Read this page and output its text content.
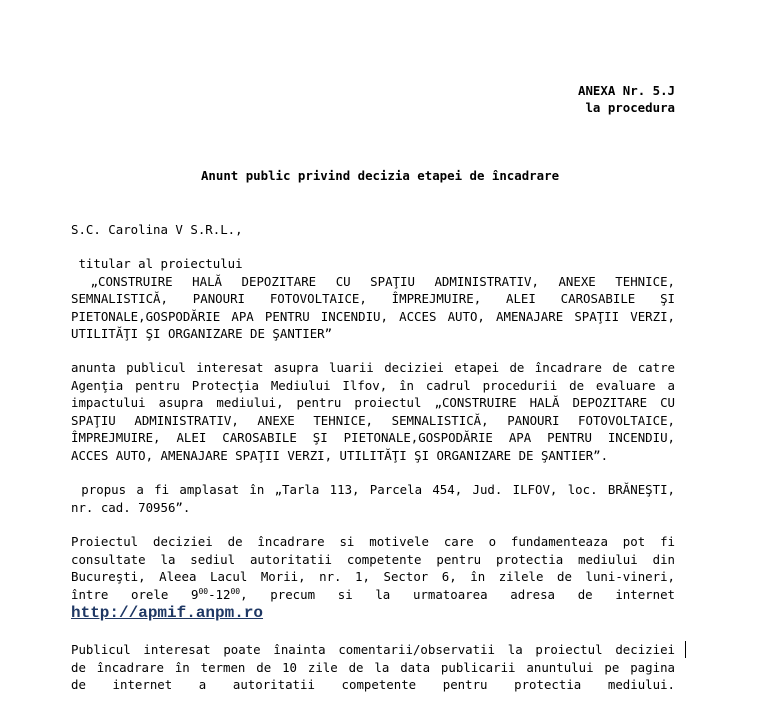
ANEXA Nr. 5.J
la procedura
Anunt public privind decizia etapei de încadrare
S.C. Carolina V S.R.L.,
titular al proiectului
„CONSTRUIRE HALĂ DEPOZITARE CU SPAŢIU ADMINISTRATIV, ANEXE TEHNICE,
SEMNALISTICĂ, PANOURI FOTOVOLTAICE, ÎMPREJMUIRE, ALEI CAROSABILE ŞI
PIETONALE,GOSPODĂRIE APA PENTRU INCENDIU, ACCES AUTO, AMENAJARE SPAŢII VERZI,
UTILITĂŢI ŞI ORGANIZARE DE ŞANTIER”
anunta publicul interesat asupra luarii deciziei etapei de încadrare de catre
Agenţia pentru Protecţia Mediului Ilfov, în cadrul procedurii de evaluare a
impactului asupra mediului, pentru proiectul „CONSTRUIRE HALĂ DEPOZITARE CU
SPAŢIU ADMINISTRATIV, ANEXE TEHNICE, SEMNALISTICĂ, PANOURI FOTOVOLTAICE,
ÎMPREJMUIRE, ALEI CAROSABILE ŞI PIETONALE,GOSPODĂRIE APA PENTRU INCENDIU,
ACCES AUTO, AMENAJARE SPAŢII VERZI, UTILITĂŢI ŞI ORGANIZARE DE ŞANTIER”.
propus a fi amplasat în „Tarla 113, Parcela 454, Jud. ILFOV, loc. BRĂNEŞTI,
nr. cad. 70956”.
Proiectul deciziei de încadrare si motivele care o fundamenteaza pot fi
consultate la sediul autoritatii competente pentru protectia mediului din
Bucureşti, Aleea Lacul Morii, nr. 1, Sector 6, în zilele de luni-vineri,
între orele $9^{00}-12^{00}$, precum si la urmatoarea adresa de internet
http://apmif.anpm.ro
Publicul interesat poate înainta comentarii/observatii la proiectul deciziei
de încadrare în termen de 10 zile de la data publicarii anuntului pe pagina
de internet a autoritatii competente pentru protectia mediului.
